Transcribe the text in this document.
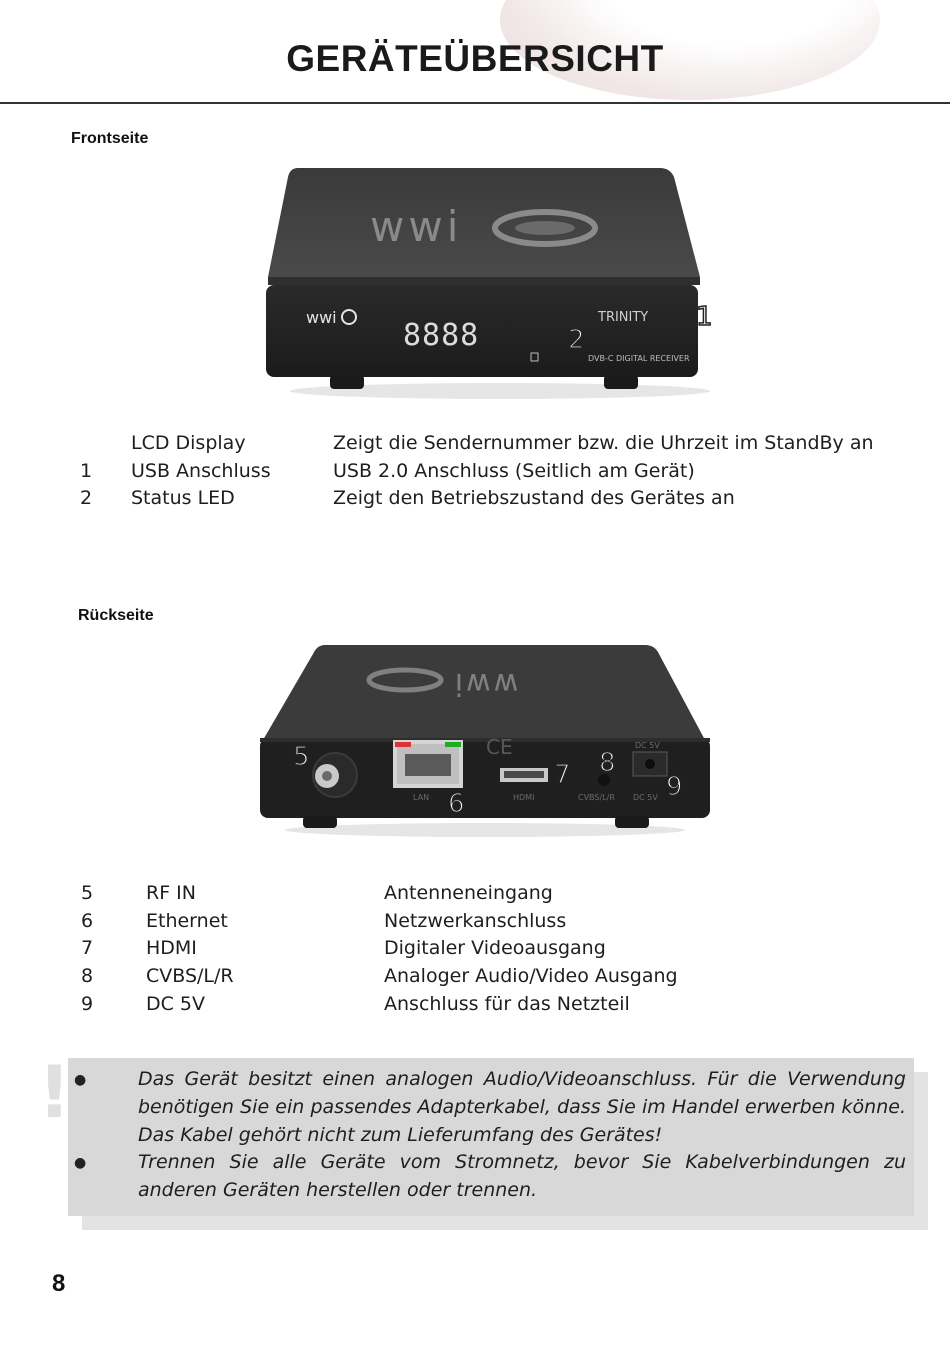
GERÄTEÜBERSICHT
Frontseite
wwi
wwi
8888
TRINITY
DVB-C DIGITAL RECEIVER
2
1
LCD Display	Zeigt die Sendernummer bzw. die Uhrzeit im StandBy an
1 USB Anschluss	USB 2.0 Anschluss (Seitlich am Gerät)
2 Status LED	Zeigt den Betriebszustand des Gerätes an
Rückseite
wwi
CE
LAN	HDMI	CVBS/L/R
DC 5V
DC 5V
5
6
7 8
9
5	RF IN	Antenneneingang
6	Ethernet	Netzwerkanschluss
7	HDMI	Digitaler Videoausgang
8	CVBS/L/R	Analoger Audio/Video Ausgang
9	DC 5V	Anschluss für das Netzteil
! ●	Das Gerät besitzt einen analogen Audio/Videoanschluss. Für die Verwendung benötigen Sie ein passendes Adapterkabel, dass Sie im Handel erwerben könne. Das Kabel gehört nicht zum Lieferumfang des Gerätes!
●	Trennen Sie alle Geräte vom Stromnetz, bevor Sie Kabelverbindungen zu anderen Geräten herstellen oder trennen.
8
